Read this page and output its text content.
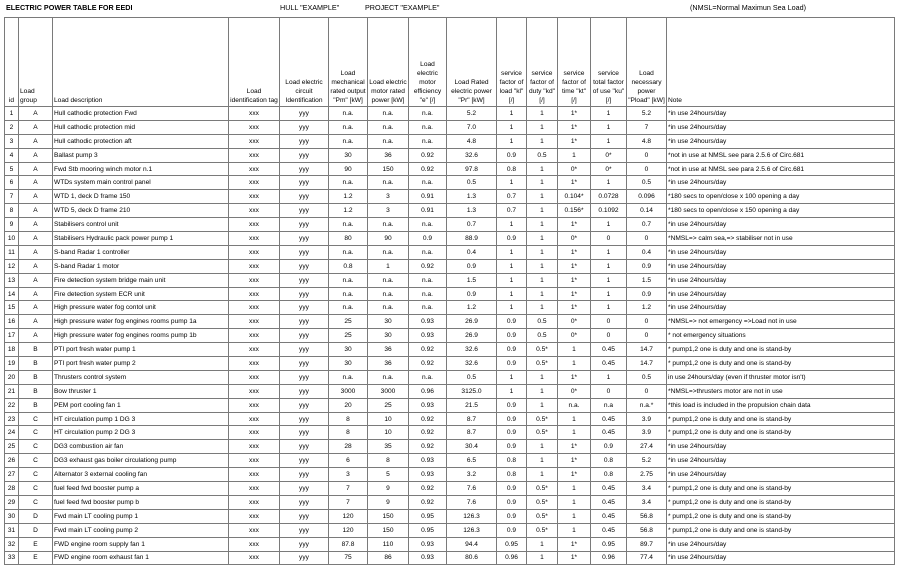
ELECTRIC POWER TABLE FOR EEDI	HULL "EXAMPLE"	PROJECT "EXAMPLE"	(NMSL=Normal Maximun Sea Load)
id	Load group	Load description	Load identification tag	Load electric circuit Identification	Load mechanical rated output "Pm" [kW]	Load electric motor rated power [kW]	Load electric motor efficiency "e" [/]	Load Rated electric power "Pr" [kW]	service factor of load "kl" [/]	service factor of duty "kd" [/]	service factor of time "kt" [/]	service total factor of use "ku" [/]	Load necessary power "Pload" [kW]	Note
1	A	Hull cathodic protection Fwd	xxx	yyy	n.a.	n.a.	n.a.	5.2	1	1	1*	1	5.2	*in use 24hours/day
2	A	Hull cathodic protection mid	xxx	yyy	n.a.	n.a.	n.a.	7.0	1	1	1*	1	7	*in use 24hours/day
3	A	Hull cathodic protection aft	xxx	yyy	n.a.	n.a.	n.a.	4.8	1	1	1*	1	4.8	*in use 24hours/day
4	A	Ballast pump 3	xxx	yyy	30	36	0.92	32.6	0.9	0.5	1	0*	0	*not in use at NMSL see para 2.5.6 of Circ.681
5	A	Fwd Stb mooring winch motor n.1	xxx	yyy	90	150	0.92	97.8	0.8	1	0*	0*	0	*not in use at NMSL see para 2.5.6 of Circ.681
6	A	WTDs system main control panel	xxx	yyy	n.a.	n.a.	n.a.	0.5	1	1	1*	1	0.5	*in use 24hours/day
7	A	WTD 1, deck D frame 150	xxx	yyy	1.2	3	0.91	1.3	0.7	1	0.104*	0.0728	0.096	*180 secs to open/close x 100 opening a day
8	A	WTD 5, deck D frame 210	xxx	yyy	1.2	3	0.91	1.3	0.7	1	0.156*	0.1092	0.14	*180 secs to open/close x 150 opening a day
9	A	Stabilisers control unit	xxx	yyy	n.a.	n.a.	n.a.	0.7	1	1	1*	1	0.7	*in use 24hours/day
10	A	Stabilisers Hydraulic pack power pump 1	xxx	yyy	80	90	0.9	88.9	0.9	1	0*	0	0	*NMSL=> calm sea,=> stabiliser not in use
11	A	S-band Radar 1 controller	xxx	yyy	n.a.	n.a.	n.a.	0.4	1	1	1*	1	0.4	*in use 24hours/day
12	A	S-band Radar 1 motor	xxx	yyy	0.8	1	0.92	0.9	1	1	1*	1	0.9	*in use 24hours/day
13	A	Fire detection system bridge main unit	xxx	yyy	n.a.	n.a.	n.a.	1.5	1	1	1*	1	1.5	*in use 24hours/day
14	A	Fire detection system ECR unit	xxx	yyy	n.a.	n.a.	n.a.	0.9	1	1	1*	1	0.9	*in use 24hours/day
15	A	High pressure water fog contol unit	xxx	yyy	n.a.	n.a.	n.a.	1.2	1	1	1*	1	1.2	*in use 24hours/day
16	A	High pressure water fog engines rooms pump 1a	xxx	yyy	25	30	0.93	26.9	0.9	0.5	0*	0	0	*NMSL=> not emergency =>Load not in use
17	A	High pressure water fog engines rooms pump 1b	xxx	yyy	25	30	0.93	26.9	0.9	0.5	0*	0	0	* not emergency situations
18	B	PTI port fresh water pump 1	xxx	yyy	30	36	0.92	32.6	0.9	0.5*	1	0.45	14.7	* pump1,2 one is duty and one is stand-by
19	B	PTI port fresh water pump 2	xxx	yyy	30	36	0.92	32.6	0.9	0.5*	1	0.45	14.7	* pump1,2 one is duty and one is stand-by
20	B	Thrusters control system	xxx	yyy	n.a.	n.a.	n.a.	0.5	1	1	1*	1	0.5	in use 24hours/day (even if thruster motor isn't)
21	B	Bow thruster 1	xxx	yyy	3000	3000	0.96	3125.0	1	1	0*	0	0	*NMSL=>thrusters motor are not in use
22	B	PEM port cooling fan 1	xxx	yyy	20	25	0.93	21.5	0.9	1	n.a.	n.a	n.a.*	*this load is included in the propulsion chain data
23	C	HT circulation pump 1 DG 3	xxx	yyy	8	10	0.92	8.7	0.9	0.5*	1	0.45	3.9	* pump1,2 one is duty and one is stand-by
24	C	HT circulation pump 2 DG 3	xxx	yyy	8	10	0.92	8.7	0.9	0.5*	1	0.45	3.9	* pump1,2 one is duty and one is stand-by
25	C	DG3 combustion air fan	xxx	yyy	28	35	0.92	30.4	0.9	1	1*	0.9	27.4	*in use 24hours/day
26	C	DG3 exhaust gas boiler circulationg pump	xxx	yyy	6	8	0.93	6.5	0.8	1	1*	0.8	5.2	*in use 24hours/day
27	C	Alternator 3 external cooling fan	xxx	yyy	3	5	0.93	3.2	0.8	1	1*	0.8	2.75	*in use 24hours/day
28	C	fuel feed fwd booster pump a	xxx	yyy	7	9	0.92	7.6	0.9	0.5*	1	0.45	3.4	* pump1,2 one is duty and one is stand-by
29	C	fuel feed fwd booster pump b	xxx	yyy	7	9	0.92	7.6	0.9	0.5*	1	0.45	3.4	* pump1,2 one is duty and one is stand-by
30	D	Fwd main LT cooling pump 1	xxx	yyy	120	150	0.95	126.3	0.9	0.5*	1	0.45	56.8	* pump1,2 one is duty and one is stand-by
31	D	Fwd main LT cooling pump 2	xxx	yyy	120	150	0.95	126.3	0.9	0.5*	1	0.45	56.8	* pump1,2 one is duty and one is stand-by
32	E	FWD engine room supply fan 1	xxx	yyy	87.8	110	0.93	94.4	0.95	1	1*	0.95	89.7	*in use 24hours/day
33	E	FWD engine room exhaust fan 1	xxx	yyy	75	86	0.93	80.6	0.96	1	1*	0.96	77.4	*in use 24hours/day
